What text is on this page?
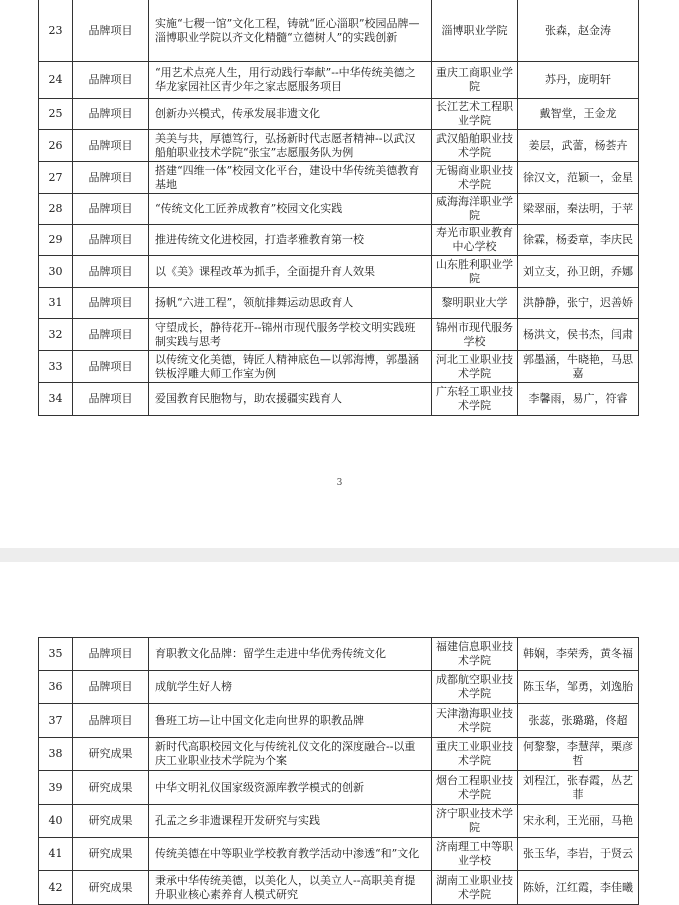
23	品牌项目	实施“七稷一馆”文化工程，铸就“匠心淄职”校园品牌—淄博职业学院以齐文化精髓“立德树人”的实践创新	淄博职业学院	张森，赵金涛
24	品牌项目	“用艺术点亮人生，用行动践行奉献”--中华传统美德之华龙家园社区青少年之家志愿服务项目	重庆工商职业学院	苏丹，庞明轩
25	品牌项目	创新办兴模式，传承发展非遗文化	长江艺术工程职业学院	戴智堂，王金龙
26	品牌项目	美美与共，厚德笃行，弘扬新时代志愿者精神--以武汉船舶职业技术学院“张宝”志愿服务队为例	武汉船舶职业技术学院	姜层，武蕾，杨荟卉
27	品牌项目	搭建“四维一体”校园文化平台，建设中华传统美德教育基地	无锡商业职业技术学院	徐汉文，范颖一，金星
28	品牌项目	“传统文化工匠养成教育”校园文化实践	威海海洋职业学院	梁翠丽，秦法明，于苹
29	品牌项目	推进传统文化进校园，打造孝雅教育第一校	寿光市职业教育中心学校	徐霖，杨委章，李庆民
30	品牌项目	以《美》课程改革为抓手，全面提升育人效果	山东胜利职业学院	刘立支，孙卫朗，乔娜
31	品牌项目	扬帆“六进工程”，领航排舞运动思政育人	黎明职业大学	洪静静，张宁，迟善娇
32	品牌项目	守望成长，静待花开--锦州市现代服务学校文明实践班制实践与思考	锦州市现代服务学校	杨洪文，侯书杰，闫肃
33	品牌项目	以传统文化美德，铸匠人精神底色—以郭海博，郭墨涵铁板浮雕大师工作室为例	河北工业职业技术学院	郭墨涵，牛晓艳，马思嘉
34	品牌项目	爱国教育民胞物与，助农援疆实践育人	广东轻工职业技术学院	李馨雨，易广，符睿
3
35	品牌项目	育职教文化品牌：留学生走进中华优秀传统文化	福建信息职业技术学院	韩娴，李荣秀，黄冬福
36	品牌项目	成航学生好人榜	成都航空职业技术学院	陈玉华，邹勇，刘逸胎
37	品牌项目	鲁班工坊—让中国文化走向世界的职教品牌	天津渤海职业技术学院	张蕊，张璐璐，佟超
38	研究成果	新时代高职校园文化与传统礼仪文化的深度融合--以重庆工业职业技术学院为个案	重庆工业职业技术学院	何黎黎，李慧萍，栗彦哲
39	研究成果	中华文明礼仪国家级资源库教学模式的创新	烟台工程职业技术学院	刘程江，张春霞，丛艺菲
40	研究成果	孔孟之乡非遗课程开发研究与实践	济宁职业技术学院	宋永利，王光丽，马艳
41	研究成果	传统美德在中等职业学校教育教学活动中渗透“和”文化	济南理工中等职业学校	张玉华，李岩，于贤云
42	研究成果	秉承中华传统美德，以美化人，以美立人--高职美育提升职业核心素养育人模式研究	湖南工业职业技术学院	陈娇，江红霞，李佳曦
